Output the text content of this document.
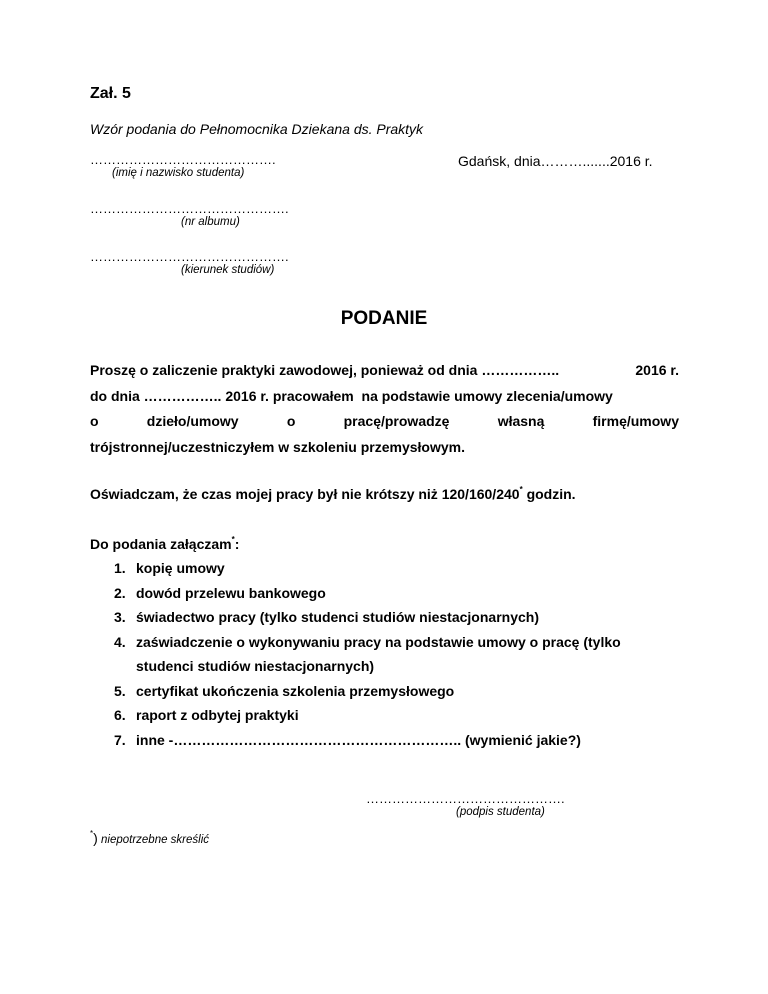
Zał. 5
Wzór podania do Pełnomocnika Dziekana ds. Praktyk
…………………………………….
(imię i nazwisko studenta)
Gdańsk, dnia……….......2016 r.
……………………………………….
(nr albumu)
……………………………………….
(kierunek studiów)
PODANIE
Proszę o zaliczenie praktyki zawodowej, ponieważ od dnia ……………..	2016 r.
do dnia …………….. 2016 r. pracowałem  na podstawie umowy zlecenia/umowy
o	dzieło/umowy	o	pracę/prowadzę	własną	firmę/umowy
trójstronnej/uczestniczyłem w szkoleniu przemysłowym.
Oświadczam, że czas mojej pracy był nie krótszy niż 120/160/240* godzin.
Do podania załączam*:
1. kopię umowy
2. dowód przelewu bankowego
3. świadectwo pracy (tylko studenci studiów niestacjonarnych)
4. zaświadczenie o wykonywaniu pracy na podstawie umowy o pracę (tylko
studenci studiów niestacjonarnych)
5. certyfikat ukończenia szkolenia przemysłowego
6. raport z odbytej praktyki
7. inne -…………………………………………………….. (wymienić jakie?)
……………………………………….
(podpis studenta)
*) niepotrzebne skreślić
